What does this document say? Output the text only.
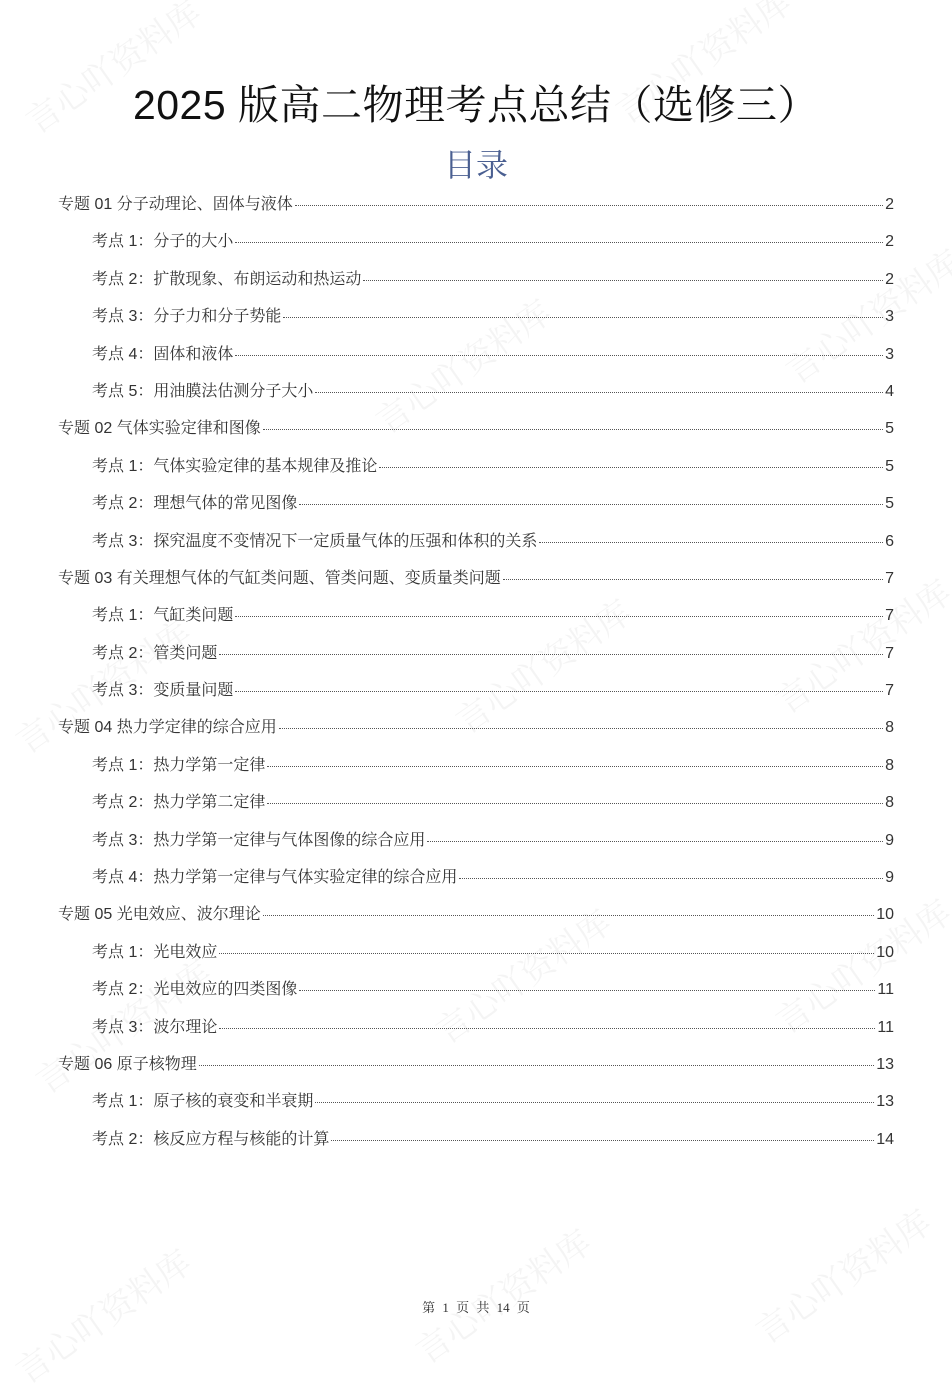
2025 版高二物理考点总结（选修三）
目录
专题 01 分子动理论、固体与液体	2
考点 1：分子的大小	2
考点 2：扩散现象、布朗运动和热运动	2
考点 3：分子力和分子势能	3
考点 4：固体和液体	3
考点 5：用油膜法估测分子大小	4
专题 02 气体实验定律和图像	5
考点 1：气体实验定律的基本规律及推论	5
考点 2：理想气体的常见图像	5
考点 3：探究温度不变情况下一定质量气体的压强和体积的关系	6
专题 03 有关理想气体的气缸类问题、管类问题、变质量类问题	7
考点 1：气缸类问题	7
考点 2：管类问题	7
考点 3：变质量问题	7
专题 04 热力学定律的综合应用	8
考点 1：热力学第一定律	8
考点 2：热力学第二定律	8
考点 3：热力学第一定律与气体图像的综合应用	9
考点 4：热力学第一定律与气体实验定律的综合应用	9
专题 05 光电效应、波尔理论	10
考点 1：光电效应	10
考点 2：光电效应的四类图像	11
考点 3：波尔理论	11
专题 06 原子核物理	13
考点 1：原子核的衰变和半衰期	13
考点 2：核反应方程与核能的计算	14
第 1 页 共 14 页
